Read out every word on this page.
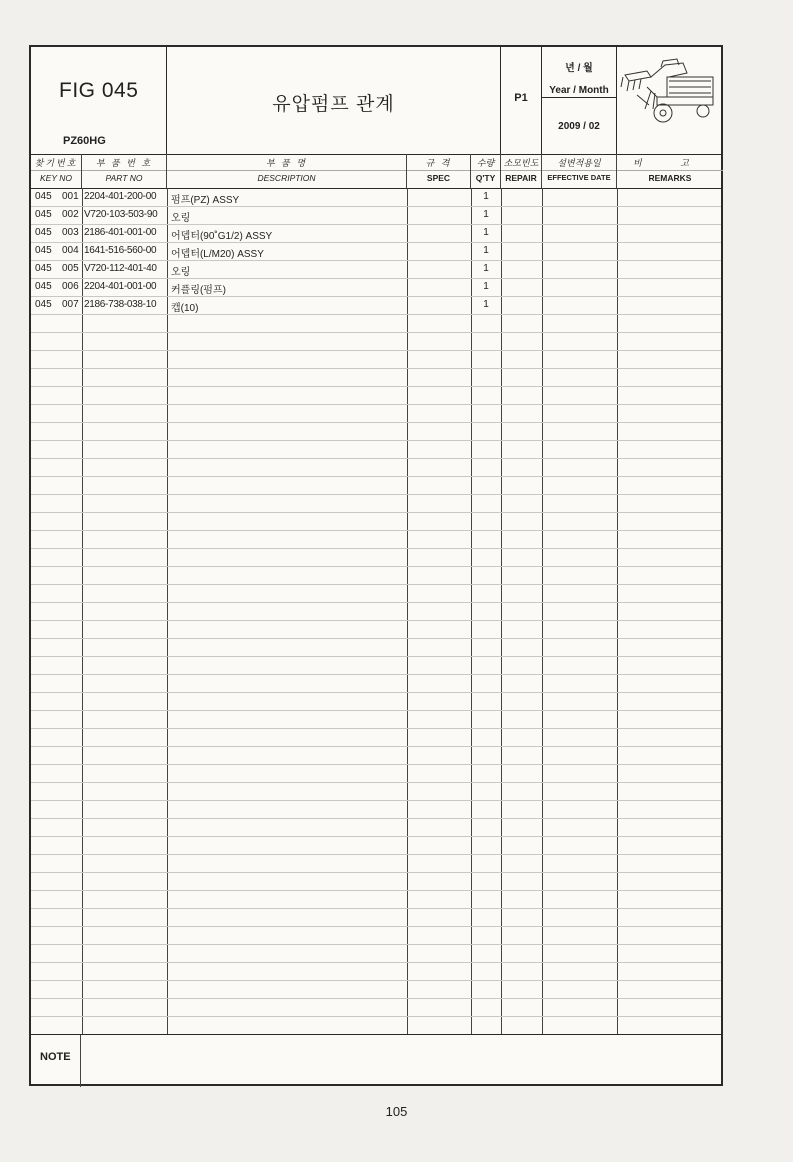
FIG 045
PZ60HG
유압펌프 관계	P1
년 / 월
Year / Month
2009 / 02
찾기번호
KEY NO
부 품 번 호
PART NO
부 품 명
DESCRIPTION
규 격
SPEC
수량
Q'TY
소모빈도
REPAIR
설변적용일
EFFECTIVE DATE
비 고
REMARKS
045 001 2204-401-200-00 펌프(PZ) ASSY	1
045 002 V720-103-503-90 오링	1
045 003 2186-401-001-00 어뎁터(90˚G1/2) ASSY	1
045 004 1641-516-560-00 어뎁터(L/M20) ASSY	1
045 005 V720-112-401-40 오링	1
045 006 2204-401-001-00 커플링(펌프)	1
045 007 2186-738-038-10 캡(10)	1
NOTE
105
